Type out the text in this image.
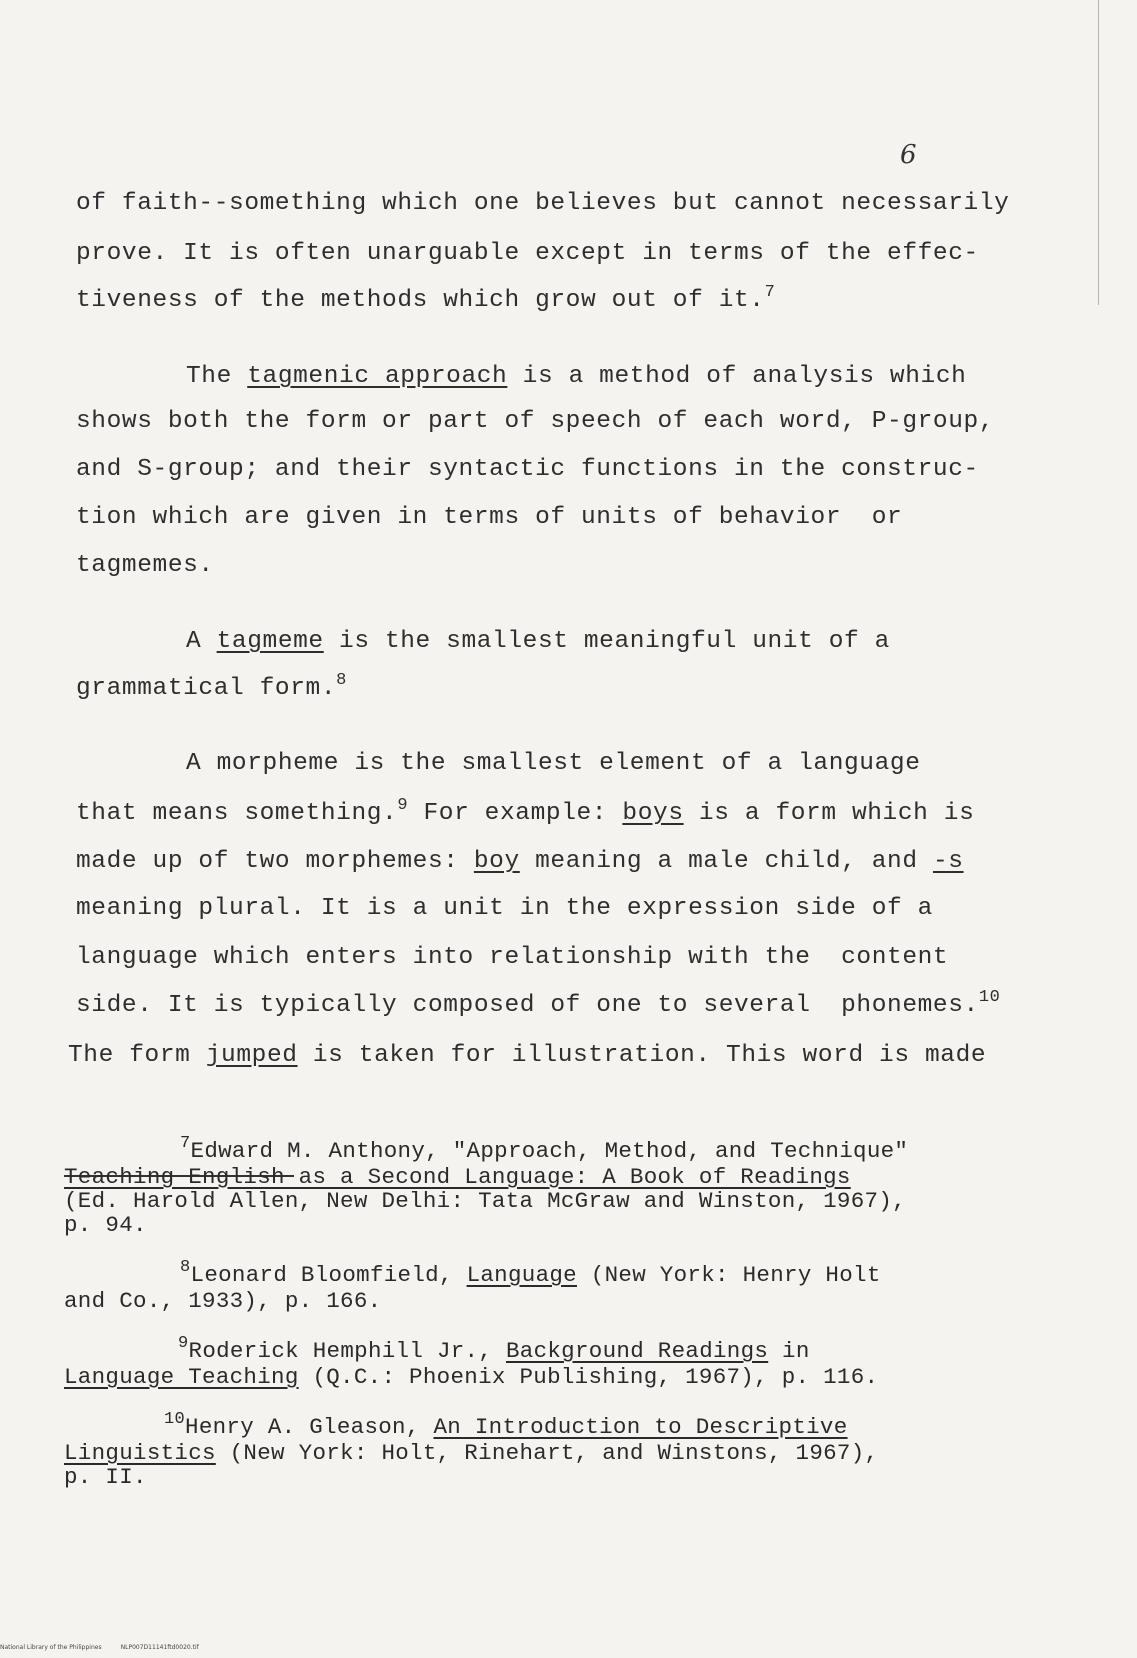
6
of faith--something which one believes but cannot necessarily
prove. It is often unarguable except in terms of the effec-
tiveness of the methods which grow out of it.$^7$
The tagmenic approach is a method of analysis which
shows both the form or part of speech of each word, P-group,
and S-group; and their syntactic functions in the construc-
tion which are given in terms of units of behavior  or
tagmemes.
A tagmeme is the smallest meaningful unit of a
grammatical form.$^8$
A morpheme is the smallest element of a language
that means something.$^9$ For example: boys is a form which is
made up of two morphemes: boy meaning a male child, and -s
meaning plural. It is a unit in the expression side of a
language which enters into relationship with the  content
side. It is typically composed of one to several  phonemes.$^{10}$
The form jumped is taken for illustration. This word is made
$^7$Edward M. Anthony, "Approach, Method, and Technique"
Teaching English as a Second Language: A Book of Readings
(Ed. Harold Allen, New Delhi: Tata McGraw and Winston, 1967),
p. 94.
$^8$Leonard Bloomfield, Language (New York: Henry Holt
and Co., 1933), p. 166.
$^9$Roderick Hemphill Jr., Background Readings in
Language Teaching (Q.C.: Phoenix Publishing, 1967), p. 116.
$^{10}$Henry A. Gleason, An Introduction to Descriptive
Linguistics (New York: Holt, Rinehart, and Winstons, 1967),
p. II.
National Library of the Philippines	NLP007D11141ftd0020.tif
